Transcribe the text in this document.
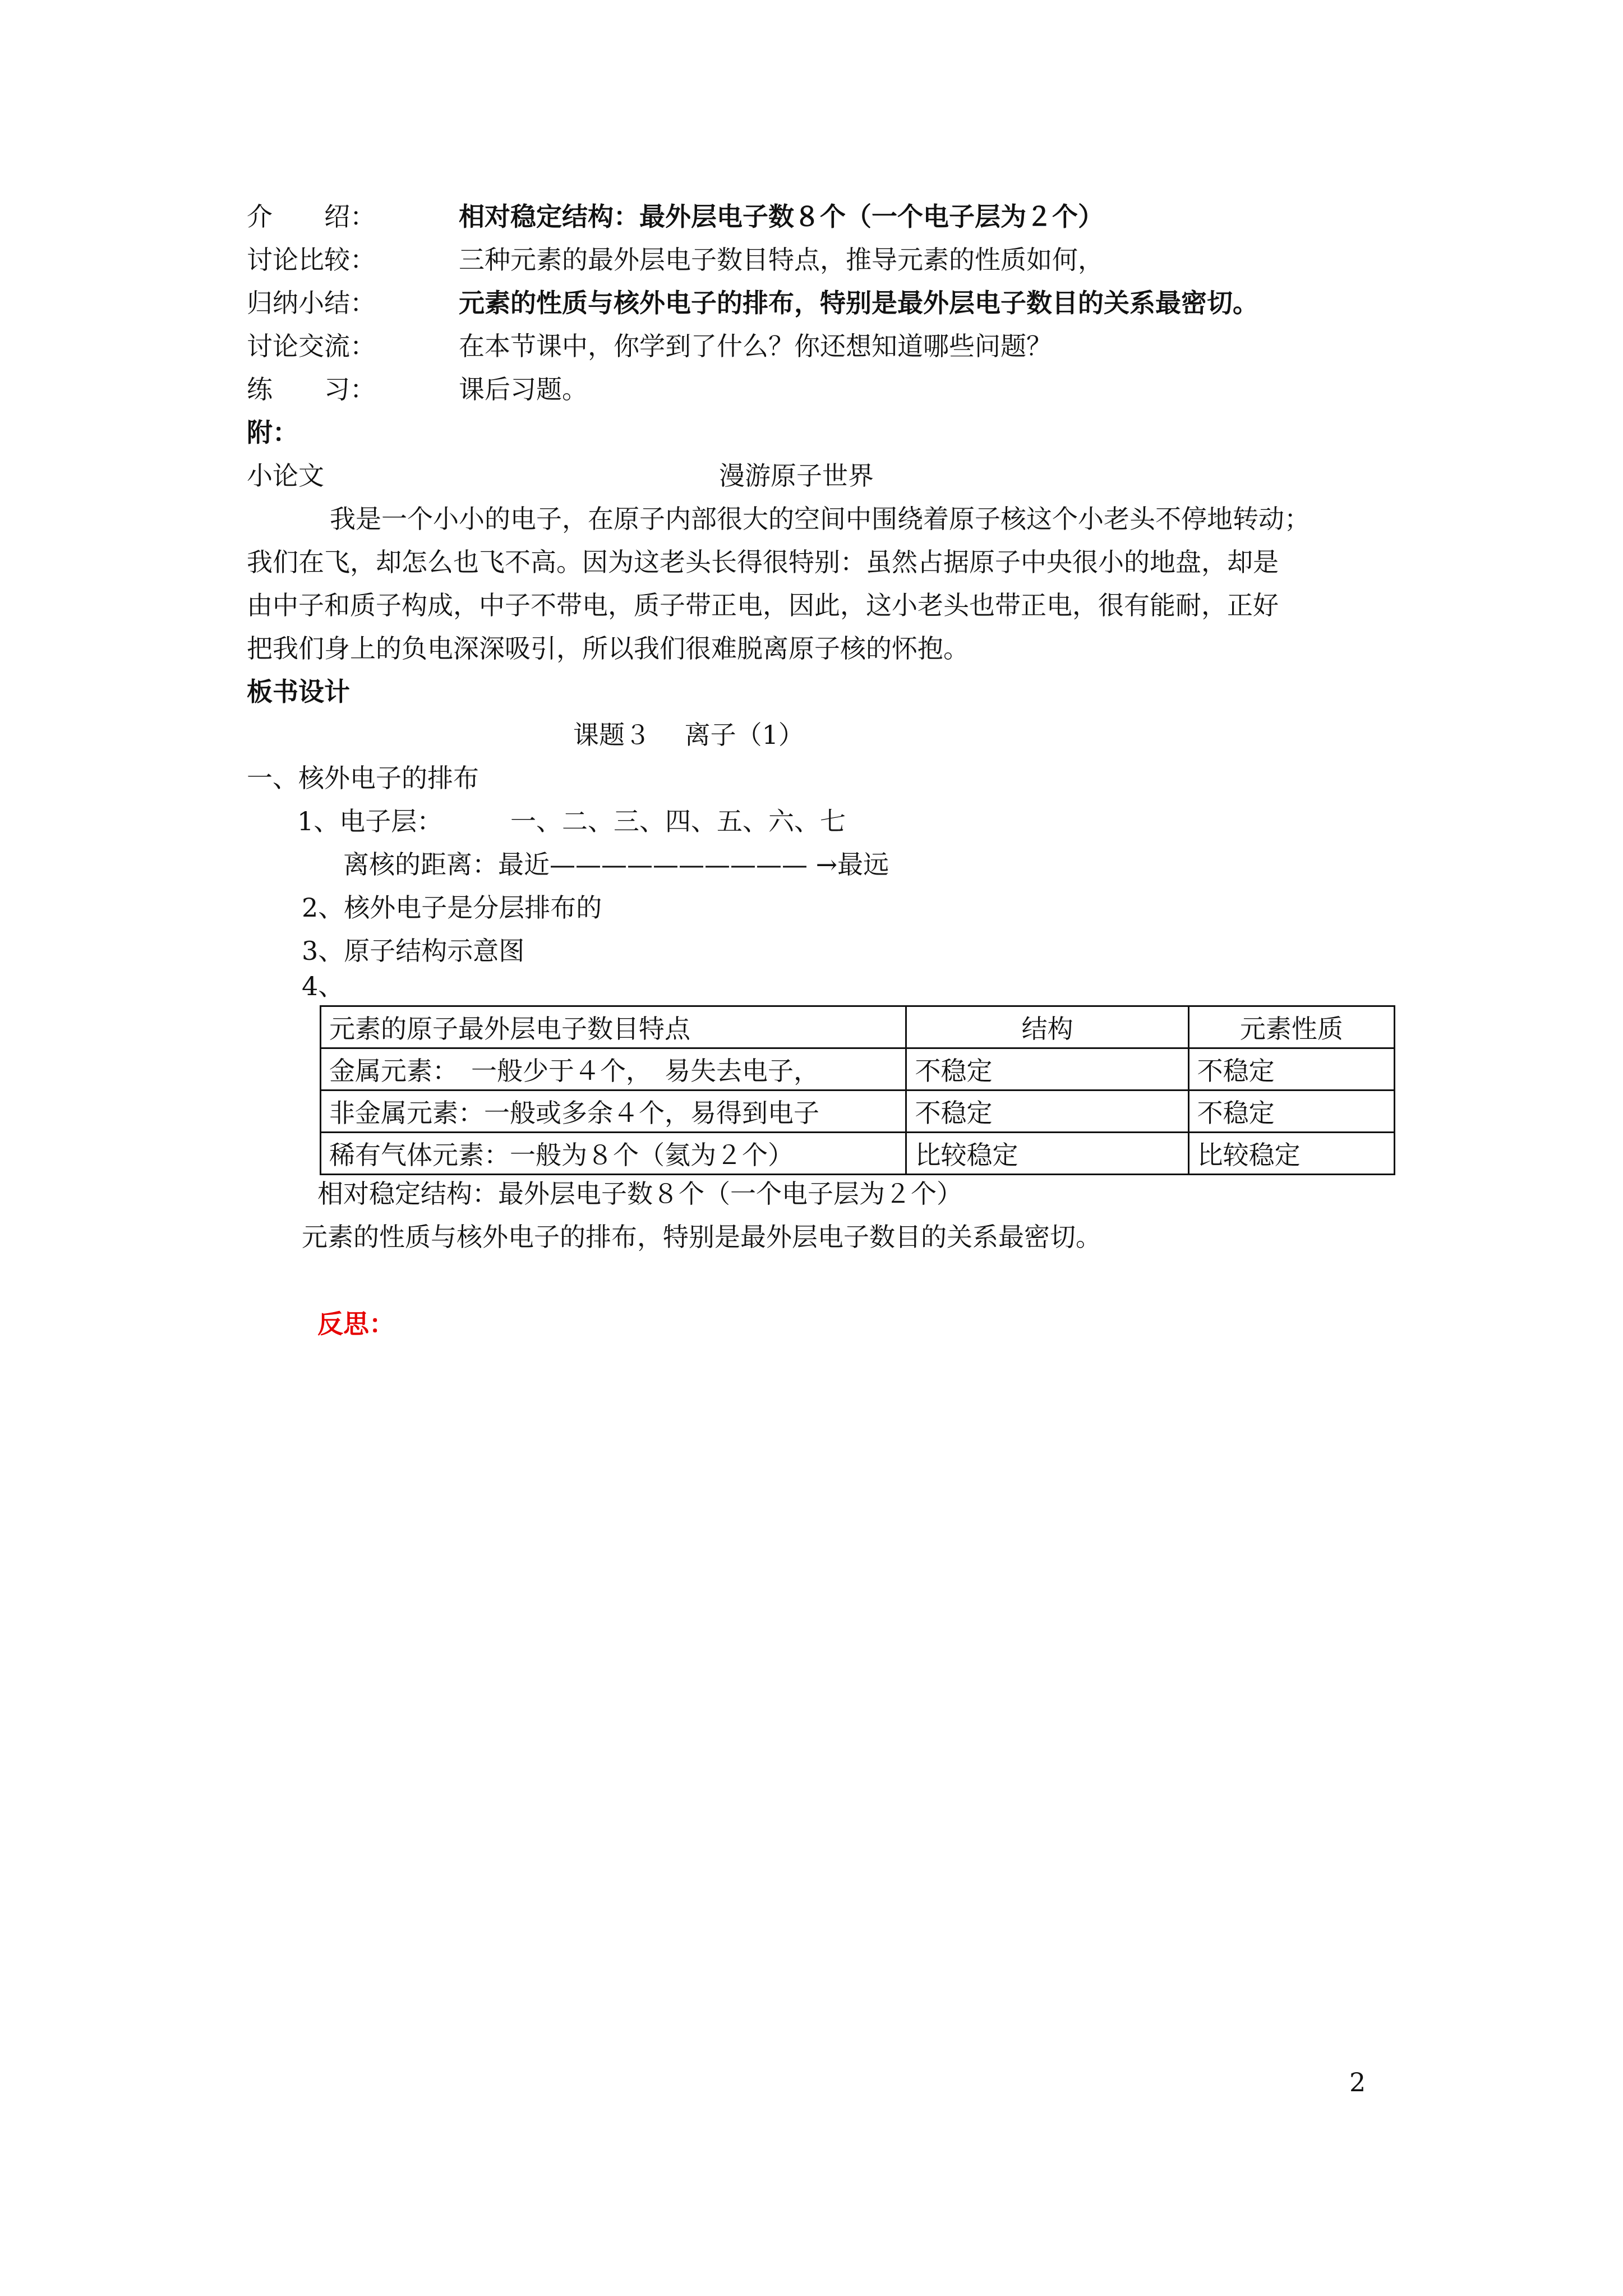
介　　绍：	相对稳定结构：最外层电子数８个（一个电子层为２个）
讨论比较：	三种元素的最外层电子数目特点，推导元素的性质如何，
归纳小结：	元素的性质与核外电子的排布，特别是最外层电子数目的关系最密切。
讨论交流：	在本节课中，你学到了什么？你还想知道哪些问题？
练　　习：	课后习题。
附：
小论文	漫游原子世界
我是一个小小的电子，在原子内部很大的空间中围绕着原子核这个小老头不停地转动；
我们在飞，却怎么也飞不高。因为这老头长得很特别：虽然占据原子中央很小的地盘，却是
由中子和质子构成，中子不带电，质子带正电，因此，这小老头也带正电，很有能耐，正好
把我们身上的负电深深吸引，所以我们很难脱离原子核的怀抱。
板书设计
课题３　 离子（1）
一、核外电子的排布
1、电子层：	一、二、三、四、五、六、七
离核的距离：最近—————————— →最远
2、核外电子是分层排布的
3、原子结构示意图
4、
元素的原子最外层电子数目特点	结构	元素性质
金属元素：　一般少于４个，　易失去电子，	不稳定	不稳定
非金属元素：一般或多余４个，易得到电子	不稳定	不稳定
稀有气体元素：一般为８个（氦为２个）	比较稳定	比较稳定
相对稳定结构：最外层电子数８个（一个电子层为２个）
元素的性质与核外电子的排布，特别是最外层电子数目的关系最密切。
反思：
2
